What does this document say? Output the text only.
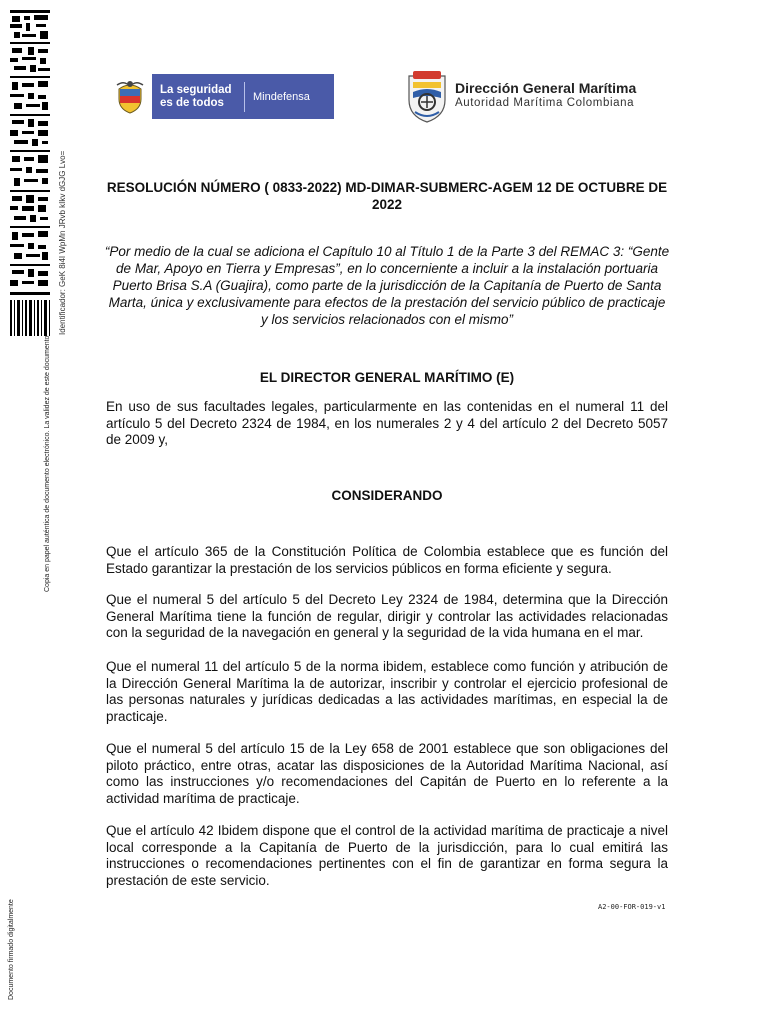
Copia en papel auténtica de documento electrónico. La validez de este documento
Identificador: GeK 8i4I WpMn JRvb kIkv dGJG Lvo=
Documento firmado digitalmente
La seguridad es de todos	Mindefensa
Dirección General Marítima
Autoridad Marítima Colombiana
RESOLUCIÓN NÚMERO ( 0833-2022) MD-DIMAR-SUBMERC-AGEM 12 DE OCTUBRE DE 2022
“Por medio de la cual se adiciona el Capítulo 10 al Título 1 de la Parte 3 del REMAC 3: “Gente de Mar, Apoyo en Tierra y Empresas”, en lo concerniente a incluir a la instalación portuaria Puerto Brisa S.A (Guajira), como parte de la jurisdicción de la Capitanía de Puerto de Santa Marta, única y exclusivamente para efectos de la prestación del servicio público de practicaje y los servicios relacionados con el mismo”
EL DIRECTOR GENERAL MARÍTIMO (E)
En uso de sus facultades legales, particularmente en las contenidas en el numeral 11 del artículo 5 del Decreto 2324 de 1984, en los numerales 2 y 4 del artículo 2 del Decreto 5057 de 2009 y,
CONSIDERANDO
Que el artículo 365 de la Constitución Política de Colombia establece que es función del Estado garantizar la prestación de los servicios públicos en forma eficiente y segura.
Que el numeral 5 del artículo 5 del Decreto Ley 2324 de 1984, determina que la Dirección General Marítima tiene la función de regular, dirigir y controlar las actividades relacionadas con la seguridad de la navegación en general y la seguridad de la vida humana en el mar.
Que el numeral 11 del artículo 5 de la norma ibidem, establece como función y atribución de la Dirección General Marítima la de autorizar, inscribir y controlar el ejercicio profesional de las personas naturales y jurídicas dedicadas a las actividades marítimas, en especial la de practicaje.
Que el numeral 5 del artículo 15 de la Ley 658 de 2001 establece que son obligaciones del piloto práctico, entre otras, acatar las disposiciones de la Autoridad Marítima Nacional, así como las instrucciones y/o recomendaciones del Capitán de Puerto en lo referente a la actividad marítima de practicaje.
Que el artículo 42 Ibidem dispone que el control de la actividad marítima de practicaje a nivel local corresponde a la Capitanía de Puerto de la jurisdicción, para lo cual emitirá las instrucciones o recomendaciones pertinentes con el fin de garantizar en forma segura la prestación de este servicio.
A2-00-FOR-019-v1
